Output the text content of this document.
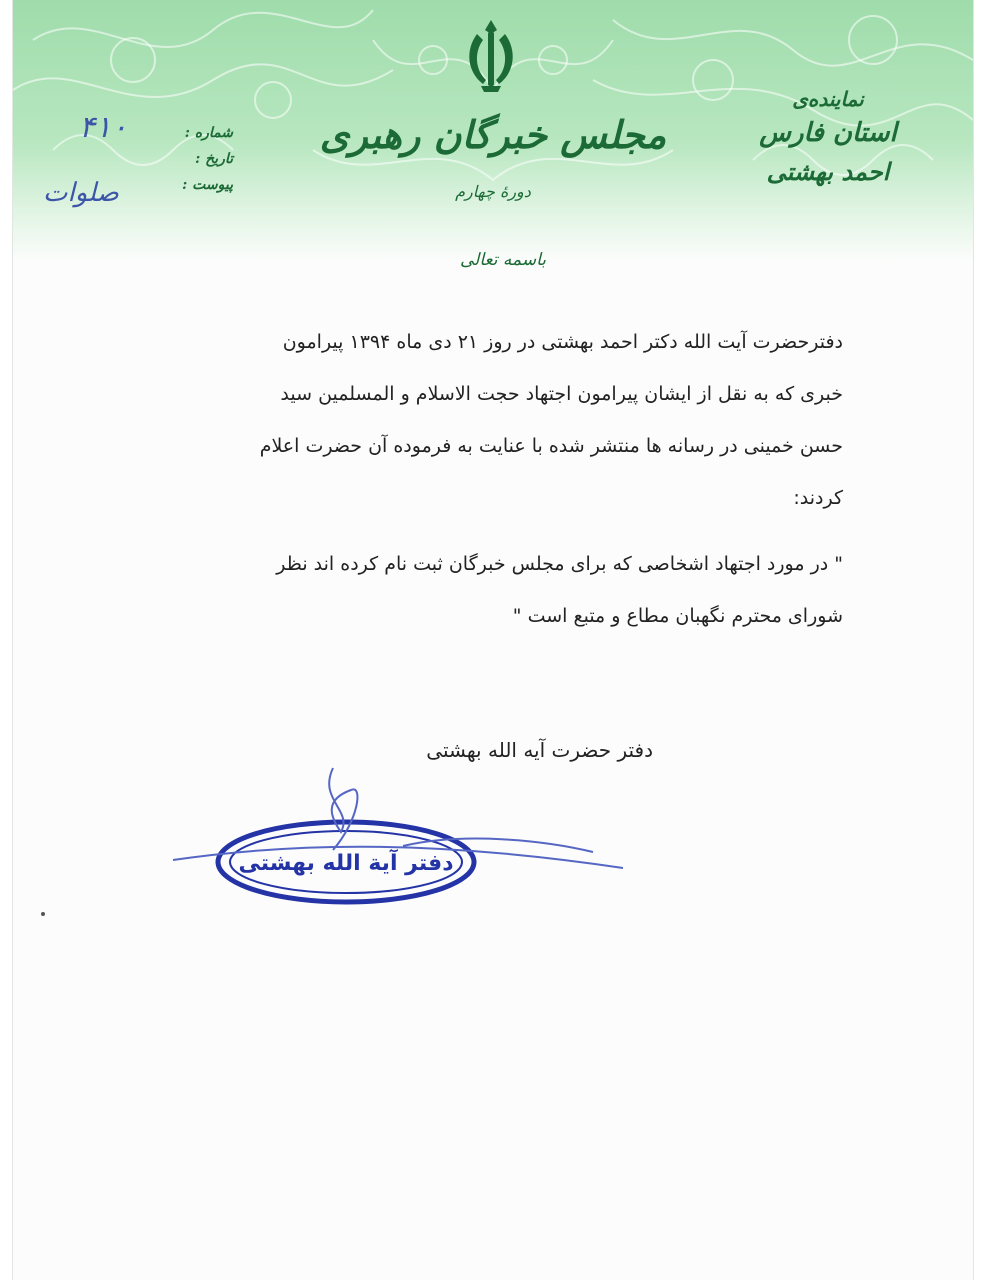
مجلس خبرگان رهبری
دورهٔ چهارم
نماینده‌ی
استان فارس
احمد بهشتی
شماره :
تاریخ :
پیوست :
۴۱۰
صلوات
باسمه تعالی

دفترحضرت آیت الله دکتر احمد بهشتی در روز ۲۱ دی ماه ۱۳۹۴ پیرامون

خبری که به نقل از ایشان پیرامون اجتهاد حجت الاسلام و المسلمین سید

حسن خمینی در رسانه ها منتشر شده با عنایت به فرموده آن حضرت اعلام

کردند:

" در مورد اجتهاد اشخاصی که برای مجلس خبرگان ثبت نام کرده اند نظر

شورای محترم نگهبان مطاع و متبع است "

دفتر حضرت آیه الله بهشتی
دفتر آیة الله بهشتی
